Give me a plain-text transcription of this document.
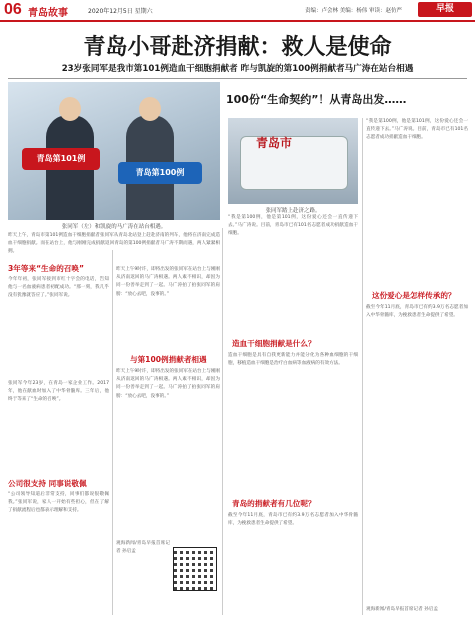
06 青岛故事	2020年12月5日 星期六	责编：卢会林 美编：杨伟 审读：赵仿严	早报
青岛小哥赴济捐献：救人是使命
23岁张同军是我市第101例造血干细胞捐献者 昨与凯旋的第100例捐献者马广涛在站台相遇
青岛第101例
青岛第100例
张同军（左）和凯旋的马广涛在站台相遇。
100份“生命契约”！从青岛出发……
青岛市
张同军踏上赴济之路。
昨天上午，青岛市第101例造血干细胞捐献者张同军从青岛北站登上赶赴济南的列车，他将在济南完成造血干细胞捐献。而在站台上，他与刚刚完成捐献返回青岛的第100例捐献者马广涛不期而遇，两人紧紧相拥。
3年等来“生命的召唤”
今年年初，张同军接到市红十字会的电话，告知他与一名血液病患者初配成功。“那一刻，我几乎没有犹豫就答应了。”张同军说。
张同军今年23岁，在青岛一家企业工作。2017年，他在献血时加入了中华骨髓库。三年后，他终于等来了“生命的召唤”。
公司很支持 同事说敬佩
“公司领导知道后非常支持，同事们都说很敬佩我。”张同军说，家人一开始有些担心，但在了解了捐献流程后也都表示理解和支持。
与第100例捐献者相遇
昨天上午9时许，即将出发的张同军在站台上与刚刚从济南返回的马广涛相遇。两人素不相识，却因为同一份善举走到了一起。马广涛拍了拍张同军的肩膀：“放心去吧，没事的。”
昨天上午9时许，即将出发的张同军在站台上与刚刚从济南返回的马广涛相遇。两人素不相识，却因为同一份善举走到了一起。马广涛拍了拍张同军的肩膀：“放心去吧，没事的。”
观海新闻/青岛早报首席记者 孙启孟
“我是第100例，他是第101例，这份爱心还会一直传递下去。”马广涛说。目前，青岛市已有101名志愿者成功捐献造血干细胞。
造血干细胞捐献是什么？
造血干细胞是具有自我更新能力并能分化为各种血细胞的干细胞，移植造血干细胞是治疗白血病等血液病的有效方法。
青岛的捐献者有几位呢？
截至今年11月底，青岛市已有约3.9万名志愿者加入中华骨髓库，为挽救患者生命提供了希望。
“我是第100例，他是第101例，这份爱心还会一直传递下去。”马广涛说。目前，青岛市已有101名志愿者成功捐献造血干细胞。
这份爱心是怎样传承的？
截至今年11月底，青岛市已有约3.9万名志愿者加入中华骨髓库，为挽救患者生命提供了希望。
观海新闻/青岛早报首席记者 孙启孟
